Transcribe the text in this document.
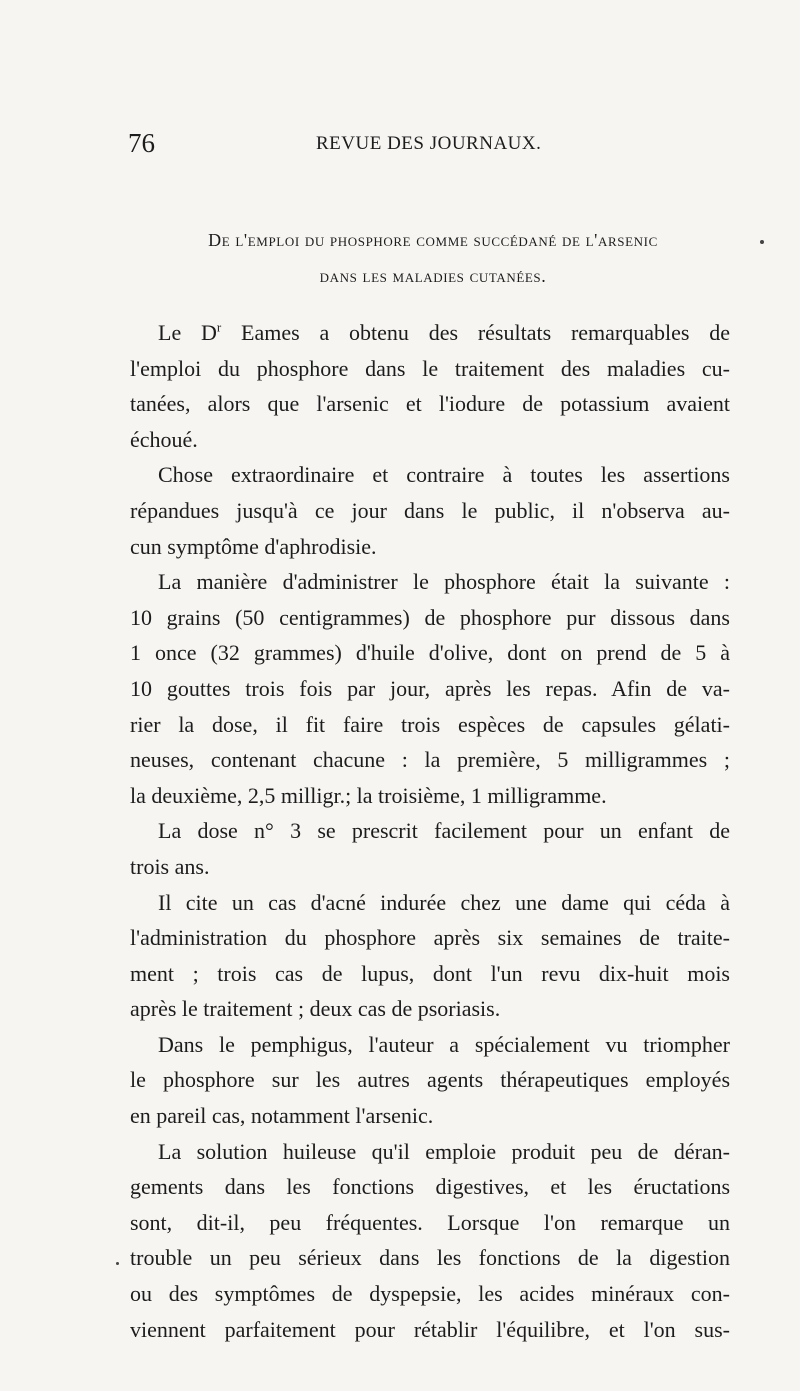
76	REVUE DES JOURNAUX.
De l'emploi du phosphore comme succédané de l'arsenic
dans les maladies cutanées.
Le $D^r$ Eames a obtenu des résultats remarquables de
l'emploi du phosphore dans le traitement des maladies cu-
tanées, alors que l'arsenic et l'iodure de potassium avaient
échoué.
Chose extraordinaire et contraire à toutes les assertions
répandues jusqu'à ce jour dans le public, il n'observa au-
cun symptôme d'aphrodisie.
La manière d'administrer le phosphore était la suivante :
10 grains (50 centigrammes) de phosphore pur dissous dans
1 once (32 grammes) d'huile d'olive, dont on prend de 5 à
10 gouttes trois fois par jour, après les repas. Afin de va-
rier la dose, il fit faire trois espèces de capsules gélati-
neuses, contenant chacune : la première, 5 milligrammes ;
la deuxième, 2,5 milligr.; la troisième, 1 milligramme.
La dose n° 3 se prescrit facilement pour un enfant de
trois ans.
Il cite un cas d'acné indurée chez une dame qui céda à
l'administration du phosphore après six semaines de traite-
ment ; trois cas de lupus, dont l'un revu dix-huit mois
après le traitement ; deux cas de psoriasis.
Dans le pemphigus, l'auteur a spécialement vu triompher
le phosphore sur les autres agents thérapeutiques employés
en pareil cas, notamment l'arsenic.
La solution huileuse qu'il emploie produit peu de déran-
gements dans les fonctions digestives, et les éructations
sont, dit-il, peu fréquentes. Lorsque l'on remarque un
trouble un peu sérieux dans les fonctions de la digestion
ou des symptômes de dyspepsie, les acides minéraux con-
viennent parfaitement pour rétablir l'équilibre, et l'on sus-
